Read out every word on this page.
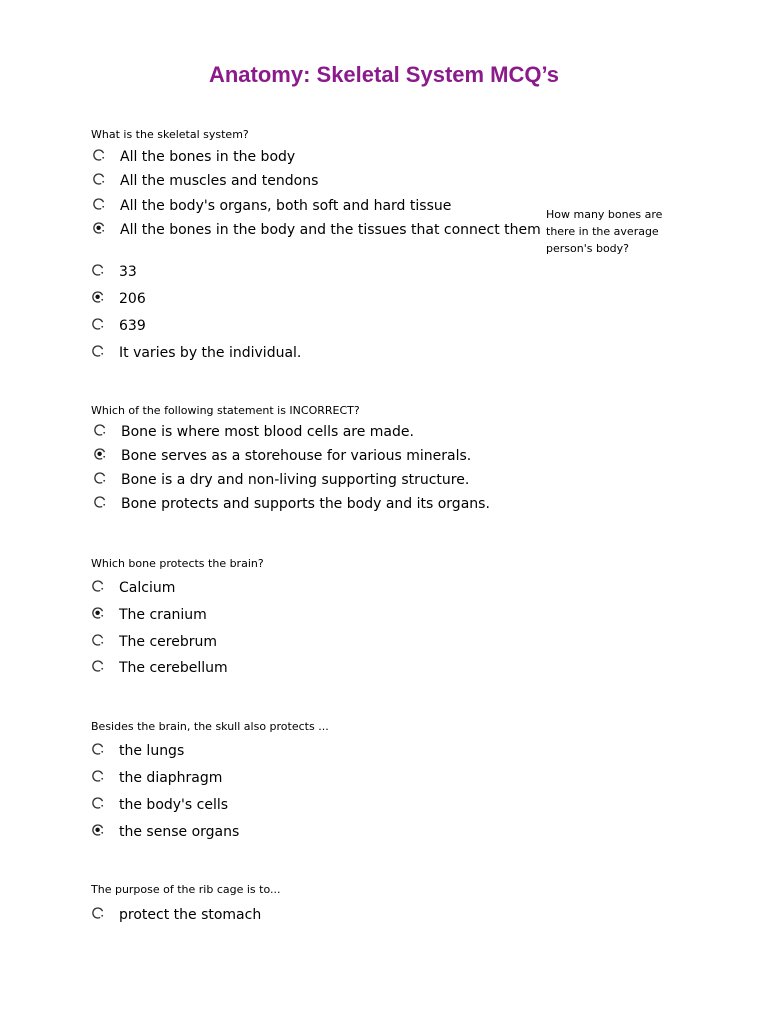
Anatomy: Skeletal System MCQ’s
What is the skeletal system?
All the bones in the body
All the muscles and tendons
All the body's organs, both soft and hard tissue
All the bones in the body and the tissues that connect them
How many bones are there in the average person's body?
33
206
639
It varies by the individual.
Which of the following statement is INCORRECT?
Bone is where most blood cells are made.
Bone serves as a storehouse for various minerals.
Bone is a dry and non-living supporting structure.
Bone protects and supports the body and its organs.
Which bone protects the brain?
Calcium
The cranium
The cerebrum
The cerebellum
Besides the brain, the skull also protects ...
the lungs
the diaphragm
the body's cells
the sense organs
The purpose of the rib cage is to...
protect the stomach
